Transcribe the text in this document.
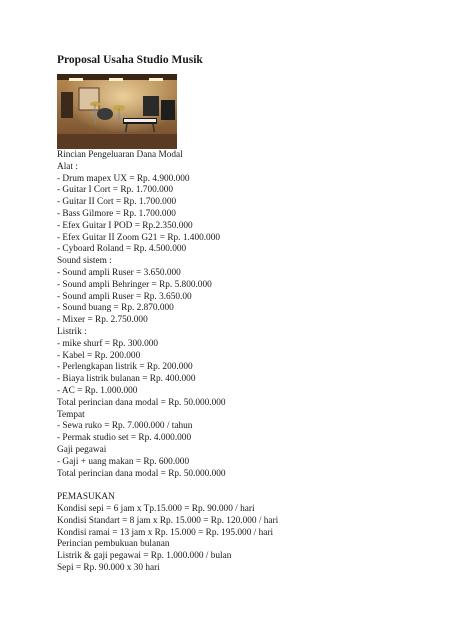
Proposal Usaha Studio Musik
Rincian Pengeluaran Dana Modal
Alat :
- Drum mapex UX = Rp. 4.900.000
- Guitar I Cort = Rp. 1.700.000
- Guitar II Cort = Rp. 1.700.000
- Bass Gilmore = Rp. 1.700.000
- Efex Guitar I POD = Rp.2.350.000
- Efex Guitar II Zoom G21 = Rp. 1.400.000
- Cyboard Roland = Rp. 4.500.000
Sound sistem :
- Sound ampli Ruser = 3.650.000
- Sound ampli Behringer = Rp. 5.800.000
- Sound ampli Ruser = Rp. 3.650.00
- Sound buang = Rp. 2.870.000
- Mixer = Rp. 2.750.000
Listrik :
- mike shurf = Rp. 300.000
- Kabel = Rp. 200.000
- Perlengkapan listrik = Rp. 200.000
- Biaya listrik bulanan = Rp. 400.000
- AC = Rp. 1.000.000
Total perincian dana modal = Rp. 50.000.000
Tempat
- Sewa ruko = Rp. 7.000.000 / tahun
- Permak studio set = Rp. 4.000.000
Gaji pegawai
- Gaji + uang makan = Rp. 600.000
Total perincian dana modal = Rp. 50.000.000
PEMASUKAN
Kondisi sepi = 6 jam x Tp.15.000 = Rp. 90.000 / hari
Kondisi Standart = 8 jam x Rp. 15.000 = Rp. 120.000 / hari
Kondisi ramai = 13 jam x Rp. 15.000 = Rp. 195.000 / hari
Perincian pembukuan bulanan
Listrik & gaji pegawai = Rp. 1.000.000 / bulan
Sepi = Rp. 90.000 x 30 hari
